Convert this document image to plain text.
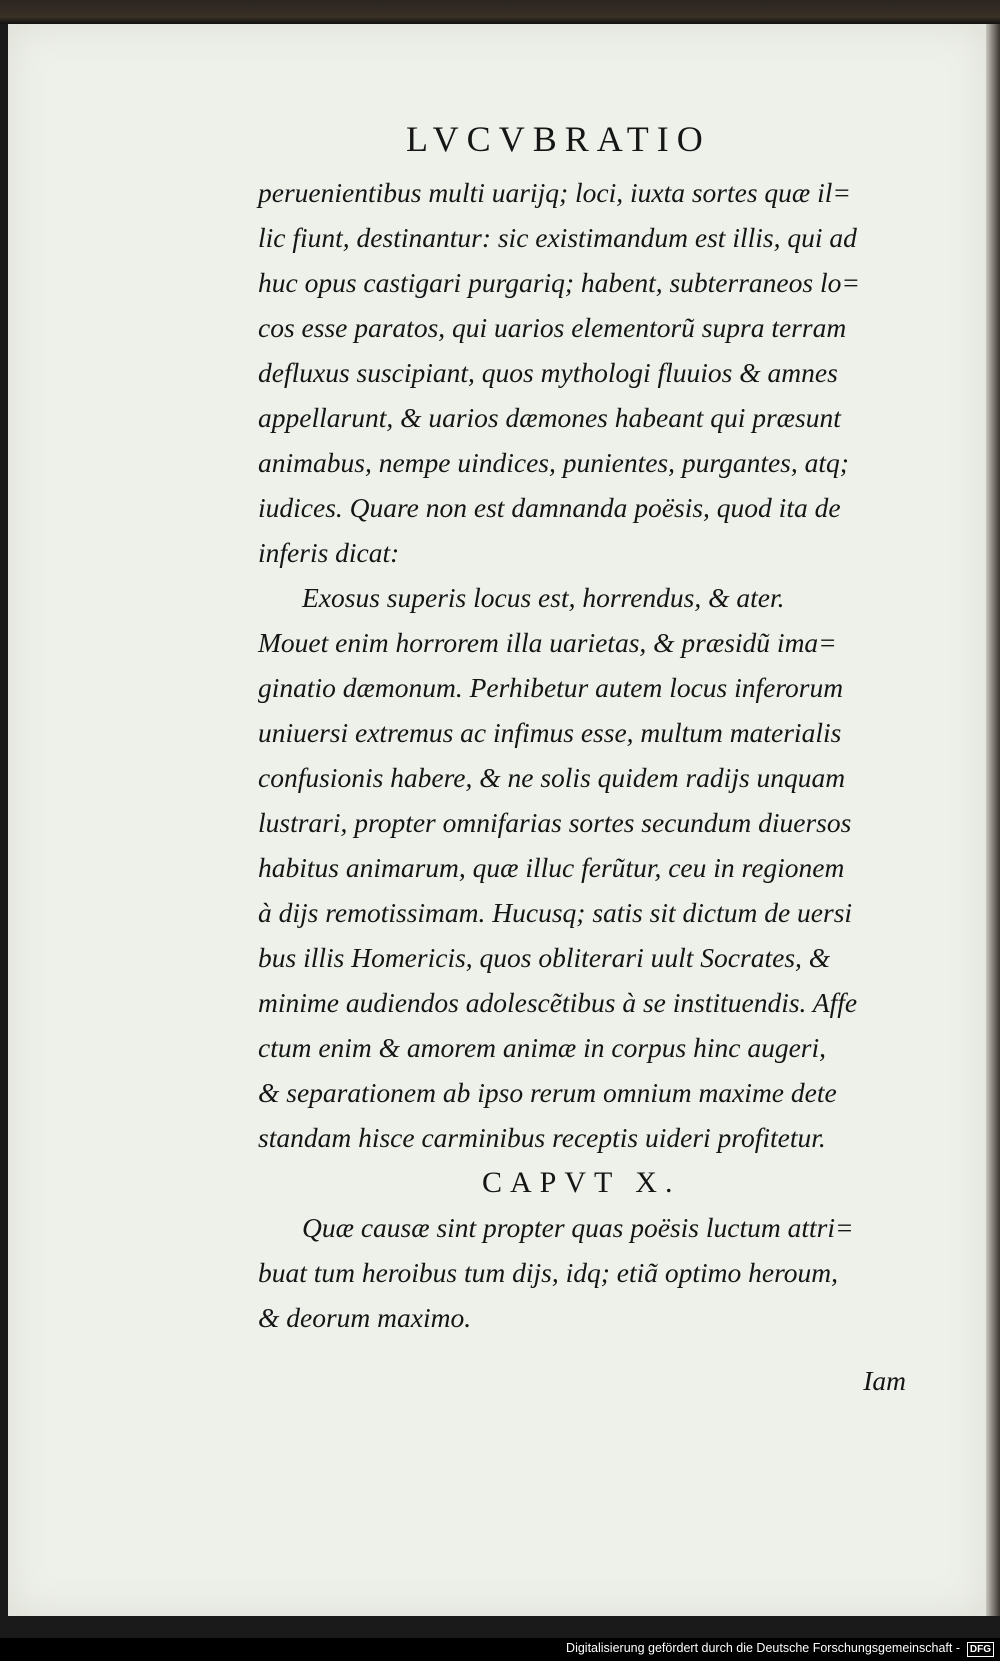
LVCVBRATIO
peruenientibus multi uarijq; loci, iuxta sortes quæ il=
lic fiunt, destinantur: sic existimandum est illis, qui ad
huc opus castigari purgariq; habent, subterraneos lo=
cos esse paratos, qui uarios elementorũ supra terram
defluxus suscipiant, quos mythologi fluuios & amnes
appellarunt, & uarios dæmones habeant qui præsunt
animabus, nempe uindices, punientes, purgantes, atq;
iudices. Quare non est damnanda poësis, quod ita de
inferis dicat:
Exosus superis locus est, horrendus, & ater.
Mouet enim horrorem illa uarietas, & præsidũ ima=
ginatio dæmonum. Perhibetur autem locus inferorum
uniuersi extremus ac infimus esse, multum materialis
confusionis habere, & ne solis quidem radijs unquam
lustrari, propter omnifarias sortes secundum diuersos
habitus animarum, quæ illuc ferũtur, ceu in regionem
à dijs remotissimam. Hucusq; satis sit dictum de uersi
bus illis Homericis, quos obliterari uult Socrates, &
minime audiendos adolescẽtibus à se instituendis. Affe
ctum enim & amorem animæ in corpus hinc augeri,
& separationem ab ipso rerum omnium maxime dete
standam hisce carminibus receptis uideri profitetur.
CAPVT X.
Quæ causæ sint propter quas poësis luctum attri=
buat tum heroibus tum dijs, idq; etiã optimo heroum,
& deorum maximo.
Iam
Digitalisierung gefördert durch die Deutsche Forschungsgemeinschaft - DFG
